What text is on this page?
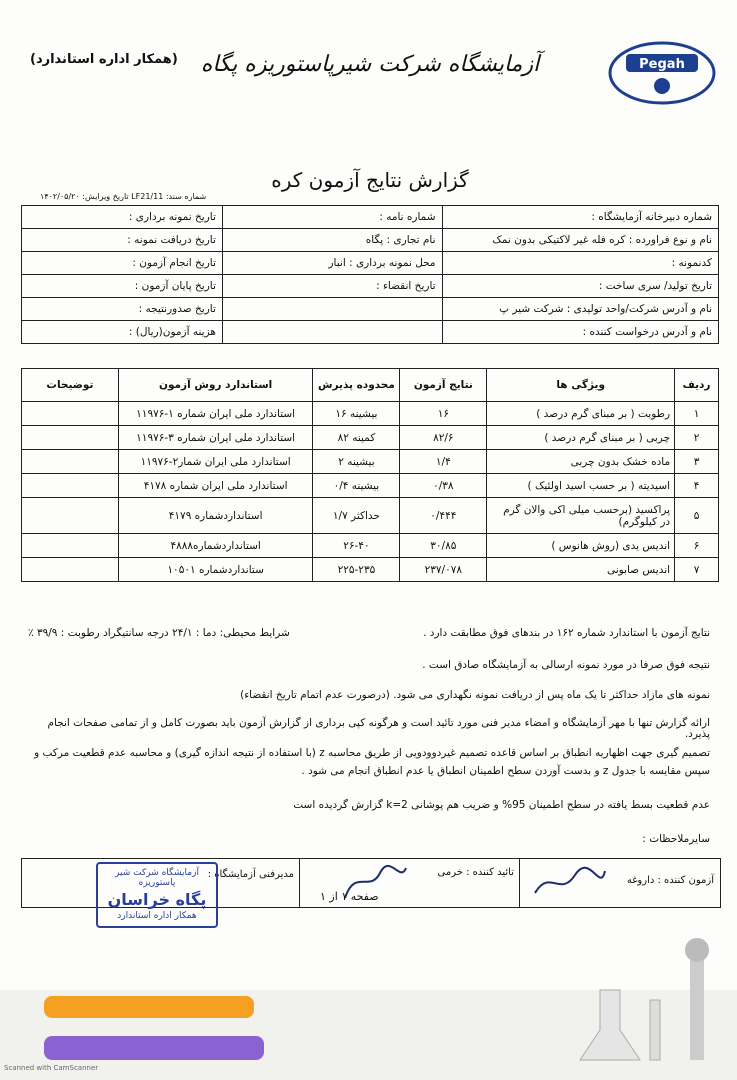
Pegah
آزمایشگاه شرکت شیرپاستوریزه پگاه
(همکار اداره استاندارد)
گزارش نتایج آزمون کره
شماره سند: LF21/11 تاریخ ویرایش: ۱۴۰۲/۰۵/۲۰
شماره دبیرخانه آزمایشگاه :	شماره نامه :	تاریخ نمونه برداری :
نام و نوع فراورده : کره فله غیر لاکتیکی بدون نمک	نام تجاری : پگاه	تاریخ دریافت نمونه :
کدنمونه :	محل نمونه برداری : انبار	تاریخ انجام آزمون :
تاریخ تولید/ سری ساخت :	تاریخ انقضاء :	تاریخ پایان آزمون :
نام و آدرس شرکت/واحد تولیدی : شرکت شیر پ		تاریخ صدورنتیجه :
نام و آدرس درخواست کننده :		هزینه آزمون(ریال) :
ردیف	ویژگی ها	نتایج آزمون	محدوده پذیرش	استاندارد روش آزمون	توضیحات
۱	رطوبت ( بر مبنای گرم درصد )	۱۶	بیشینه ۱۶	استاندارد ملی ایران شماره ۱-۱۱۹۷۶	
۲	چربی ( بر مبنای گرم درصد )	۸۲/۶	کمینه ۸۲	استاندارد ملی ایران شماره ۳-۱۱۹۷۶	
۳	ماده خشک بدون چربی	۱/۴	بیشینه ۲	استاندارد ملی ایران شمار۲-۱۱۹۷۶	
۴	اسیدیته ( بر حسب اسید اولئیک )	۰/۳۸	بیشینه ۰/۴	استاندارد ملی ایران شماره ۴۱۷۸	
۵	پراکسید (برحسب میلی اکی والان گرم در کیلوگرم)	۰/۴۴۴	حداکثر ۱/۷	استانداردشماره ۴۱۷۹	
۶	اندیس یدی (روش هانوس )	۳۰/۸۵	۲۶-۴۰	استانداردشماره۴۸۸۸	
۷	اندیس صابونی	۲۳۷/۰۷۸	۲۲۵-۲۳۵	ستانداردشماره ۱۰۵۰۱	
نتایج آزمون با استاندارد شماره ۱۶۲ در بندهای فوق مطابقت دارد .
شرایط محیطی: دما : ۲۴/۱ درجه سانتیگراد رطوبت : ۳۹/۹ ٪
نتیجه فوق صرفا در مورد نمونه ارسالی به آزمایشگاه صادق است .
نمونه های مازاد حداکثر تا یک ماه پس از دریافت نمونه نگهداری می شود. (درصورت عدم اتمام تاریخ انقضاء)
ارائه گزارش تنها با مهر آزمایشگاه و امضاء مدیر فنی مورد تائید است و هرگونه کپی برداری از گزارش آزمون باید بصورت کامل و از تمامی صفحات انجام پذیرد.
تصمیم گیری جهت اظهاریه انطباق بر اساس قاعده تصمیم غیردوودویی از طریق محاسبه z (با استفاده از نتیجه اندازه گیری) و محاسبه عدم قطعیت مرکب و
سپس مقایسه با جدول z و بدست آوردن سطح اطمینان انطباق یا عدم انطباق انجام می شود .
عدم قطعیت بسط یافته در سطح اطمینان 95% و ضریب هم پوشانی k=2 گزارش گردیده است
سایرملاحظات :
آزمون کننده : داروغه
تائید کننده : خرمی
مدیرفنی آزمایشگاه :
صفحه ۱ از ۱
آزمایشگاه شرکت شیر پاستوریزه
پگاه خراسان
همکار اداره استاندارد
Scanned with CamScanner
